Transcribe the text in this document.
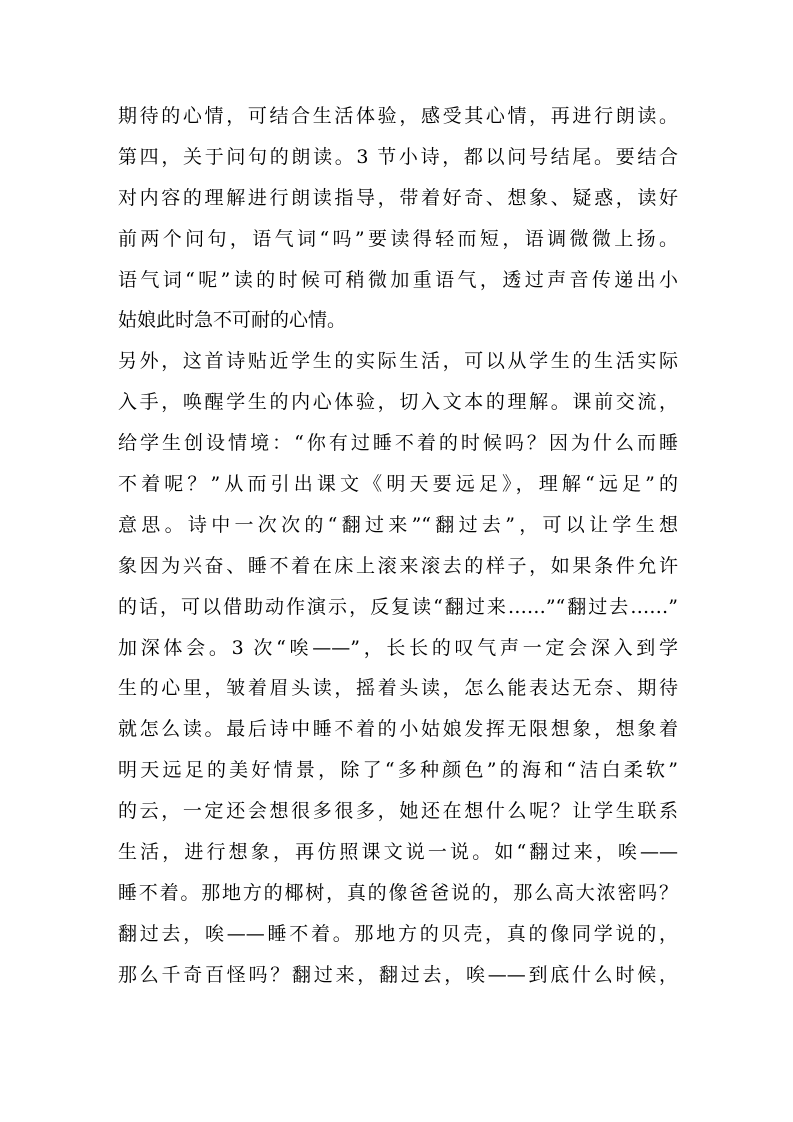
期待的心情，可结合生活体验，感受其心情，再进行朗读。
第四，关于问句的朗读。3 节小诗，都以问号结尾。要结合
对内容的理解进行朗读指导，带着好奇、想象、疑惑，读好
前两个问句，语气词“吗”要读得轻而短，语调微微上扬。
语气词“呢”读的时候可稍微加重语气，透过声音传递出小
姑娘此时急不可耐的心情。
另外，这首诗贴近学生的实际生活，可以从学生的生活实际
入手，唤醒学生的内心体验，切入文本的理解。课前交流，
给学生创设情境：“你有过睡不着的时候吗？因为什么而睡
不着呢？”从而引出课文《明天要远足》，理解“远足”的
意思。诗中一次次的“翻过来”“翻过去”，可以让学生想
象因为兴奋、睡不着在床上滚来滚去的样子，如果条件允许
的话，可以借助动作演示，反复读“翻过来……”“翻过去……”
加深体会。3 次“唉——”，长长的叹气声一定会深入到学
生的心里，皱着眉头读，摇着头读，怎么能表达无奈、期待
就怎么读。最后诗中睡不着的小姑娘发挥无限想象，想象着
明天远足的美好情景，除了“多种颜色”的海和“洁白柔软”
的云，一定还会想很多很多，她还在想什么呢？让学生联系
生活，进行想象，再仿照课文说一说。如“翻过来，唉——
睡不着。那地方的椰树，真的像爸爸说的，那么高大浓密吗？
翻过去，唉——睡不着。那地方的贝壳，真的像同学说的，
那么千奇百怪吗？翻过来，翻过去，唉——到底什么时候，
